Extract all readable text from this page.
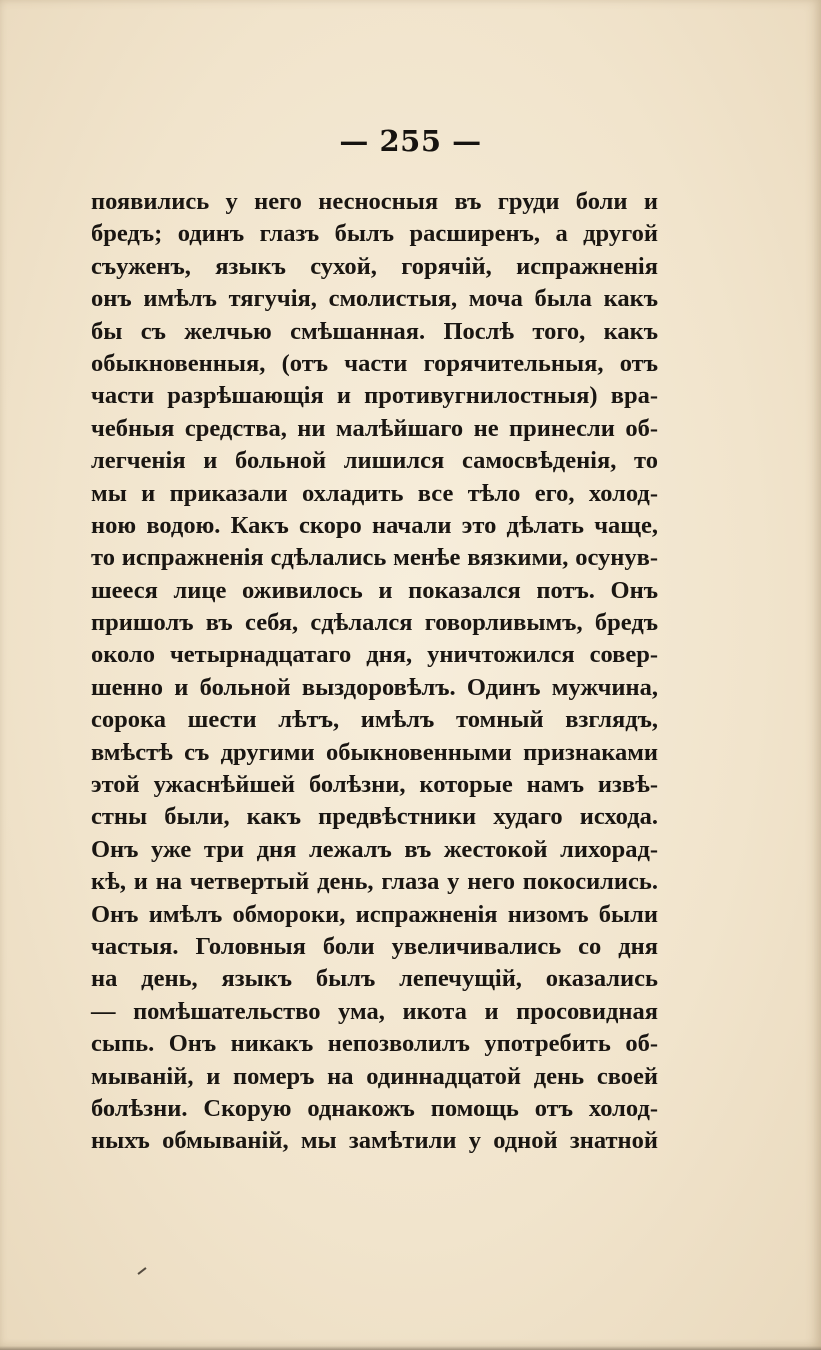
— 255 —
появились у него несносныя въ груди боли и
бредъ; одинъ глазъ былъ расширенъ, а другой
съуженъ, языкъ сухой, горячій, испражненія
онъ имѣлъ тягучія, смолистыя, моча была какъ
бы съ желчью смѣшанная. Послѣ того, какъ
обыкновенныя, (отъ части горячительныя, отъ
части разрѣшающія и противугнилостныя) вра-
чебныя средства, ни малѣйшаго не принесли об-
легченія и больной лишился самосвѣденія, то
мы и приказали охладить все тѣло его, холод-
ною водою. Какъ скоро начали это дѣлать чаще,
то испражненія сдѣлались менѣе вязкими, осунув-
шееся лице оживилось и показался потъ. Онъ
пришолъ въ себя, сдѣлался говорливымъ, бредъ
около четырнадцатаго дня, уничтожился совер-
шенно и больной выздоровѣлъ. Одинъ мужчина,
сорока шести лѣтъ, имѣлъ томный взглядъ,
вмѣстѣ съ другими обыкновенными признаками
этой ужаснѣйшей болѣзни, которые намъ извѣ-
стны были, какъ предвѣстники худаго исхода.
Онъ уже три дня лежалъ въ жестокой лихорад-
кѣ, и на четвертый день, глаза у него покосились.
Онъ имѣлъ обмороки, испражненія низомъ были
частыя. Головныя боли увеличивались со дня
на день, языкъ былъ лепечущій, оказались
— помѣшательство ума, икота и просовидная
сыпь. Онъ никакъ непозволилъ употребить об-
мыванiй, и померъ на одиннадцатой день своей
болѣзни. Скорую однакожъ помощь отъ холод-
ныхъ обмыванiй, мы замѣтили у одной знатной
